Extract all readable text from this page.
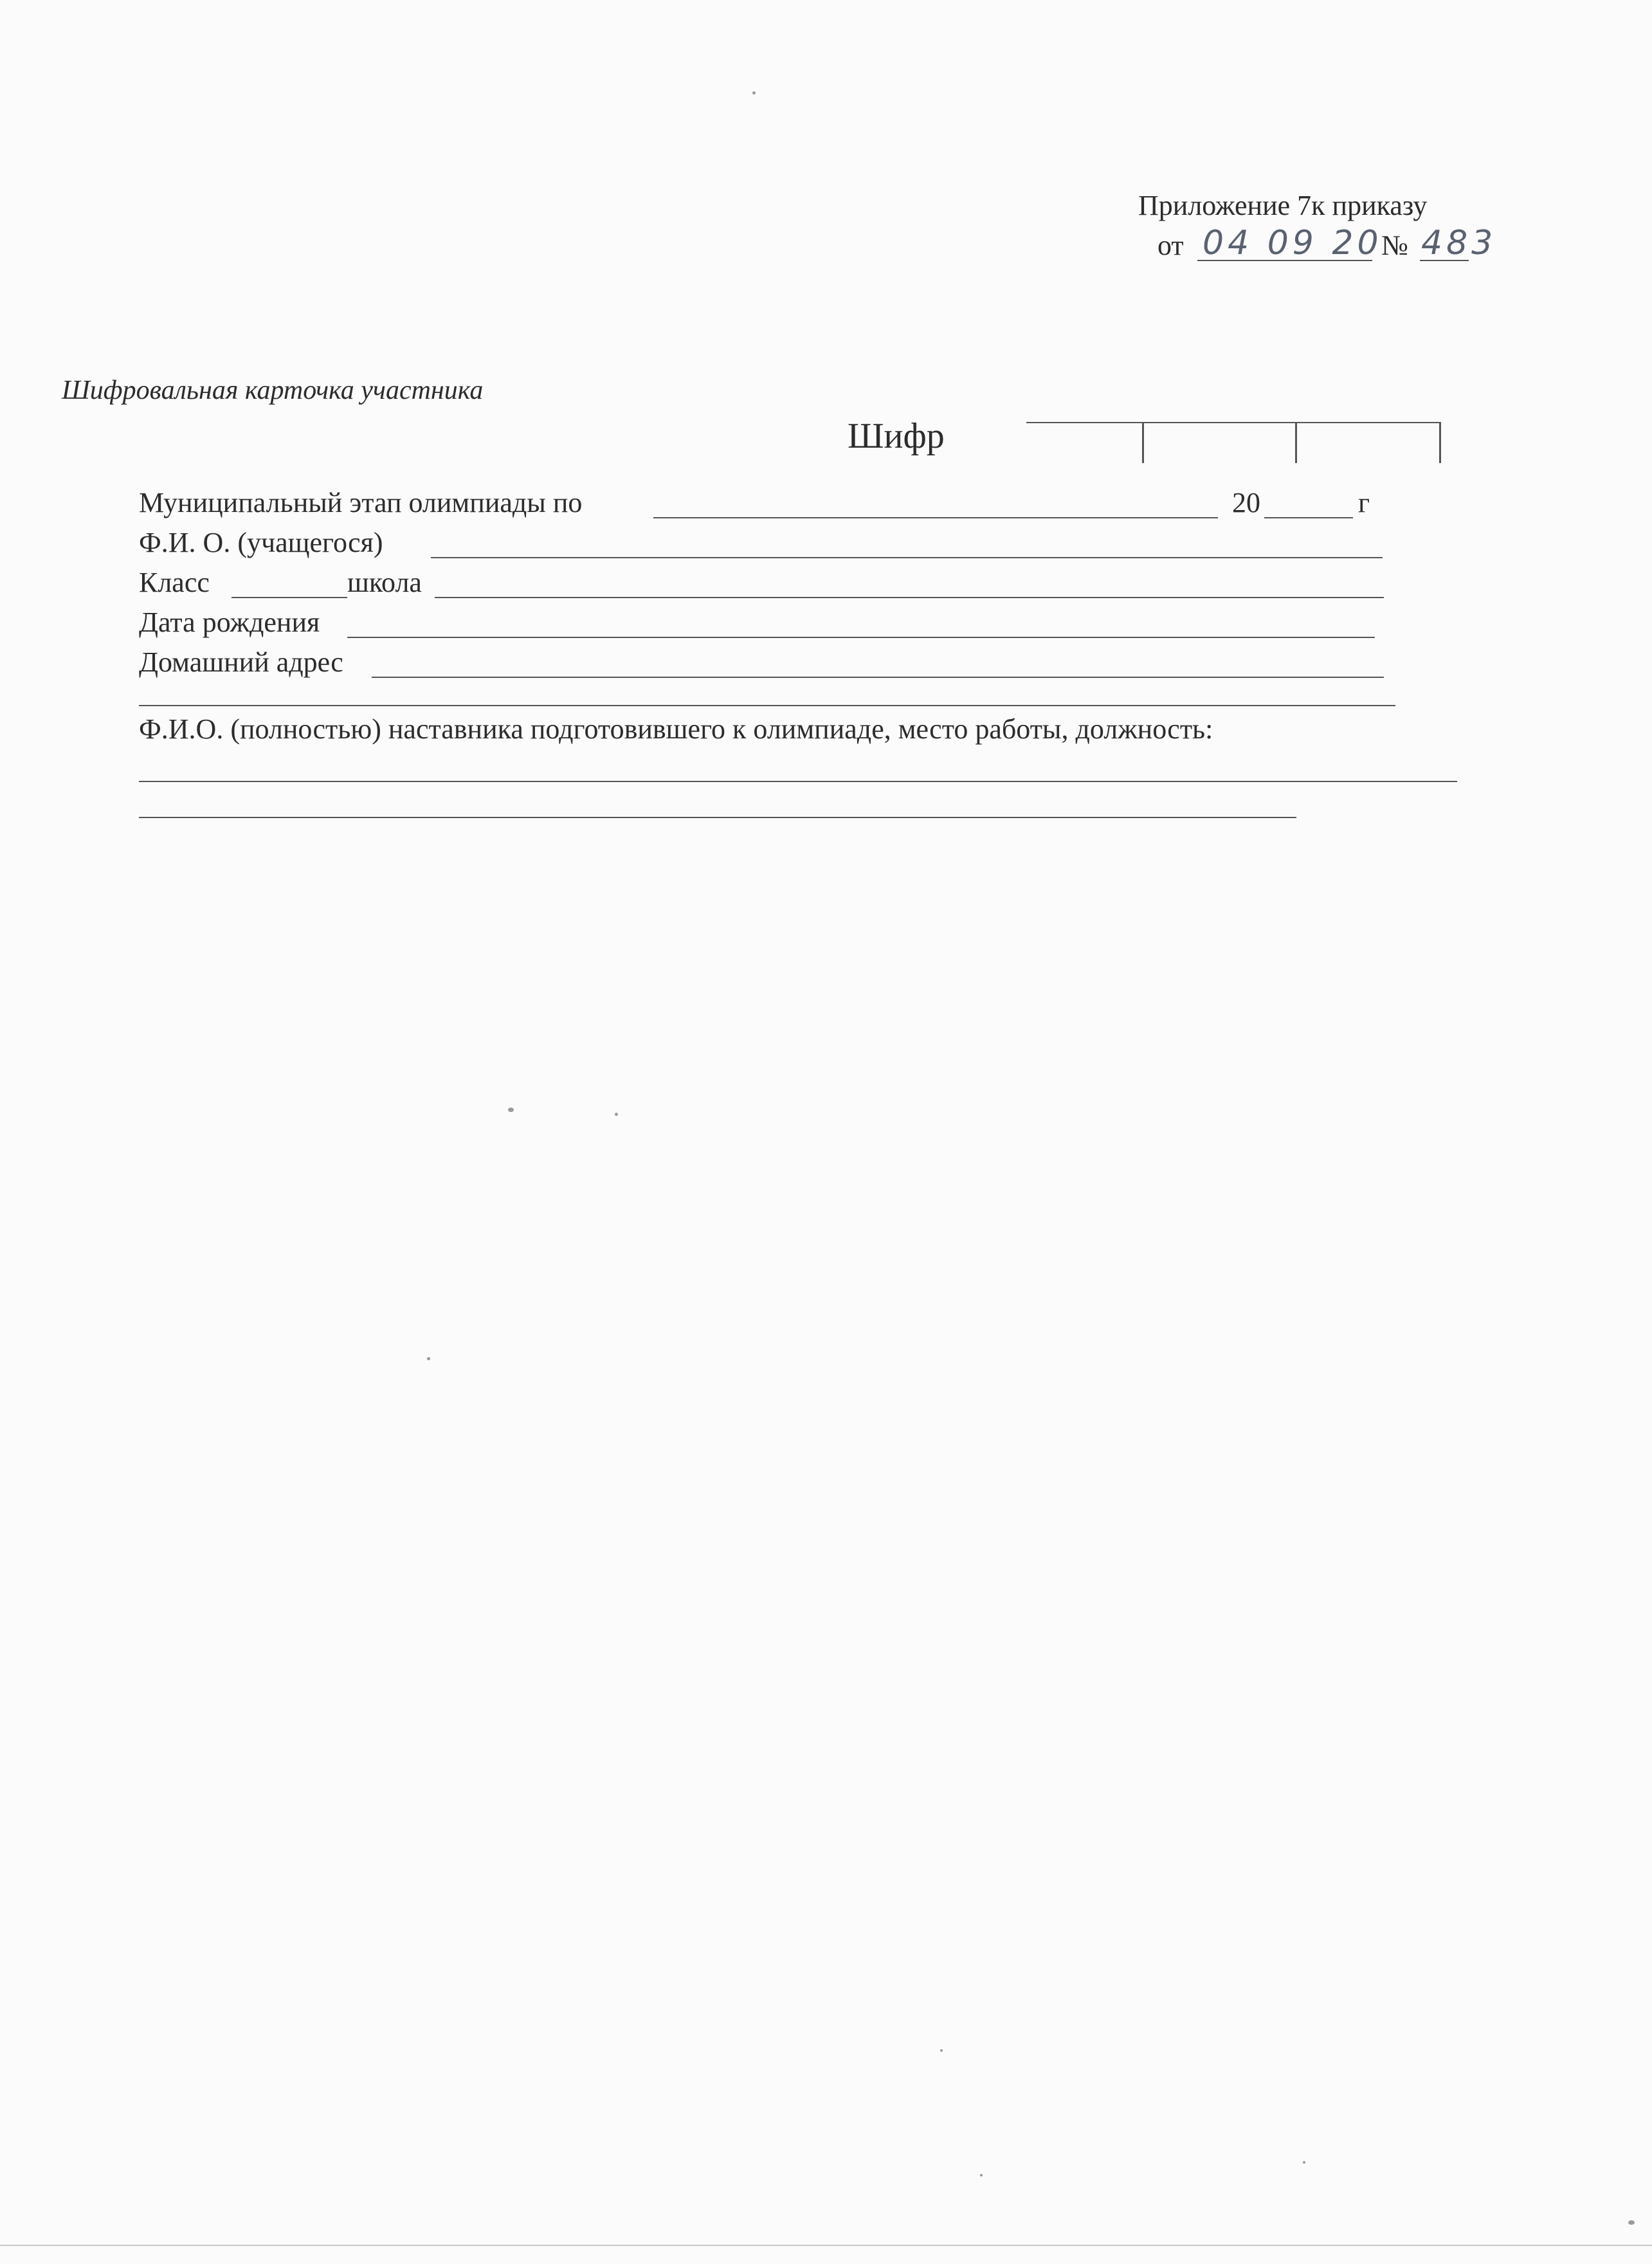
Приложение 7к приказу
от 04 09 20
№ 483
Шифровальная карточка участника
Шифр
Муниципальный этап олимпиады по	20	г
Ф.И. О. (учащегося)
Класс	школа
Дата рождения
Домашний адрес
Ф.И.О. (полностью) наставника подготовившего к олимпиаде, место работы, должность:
